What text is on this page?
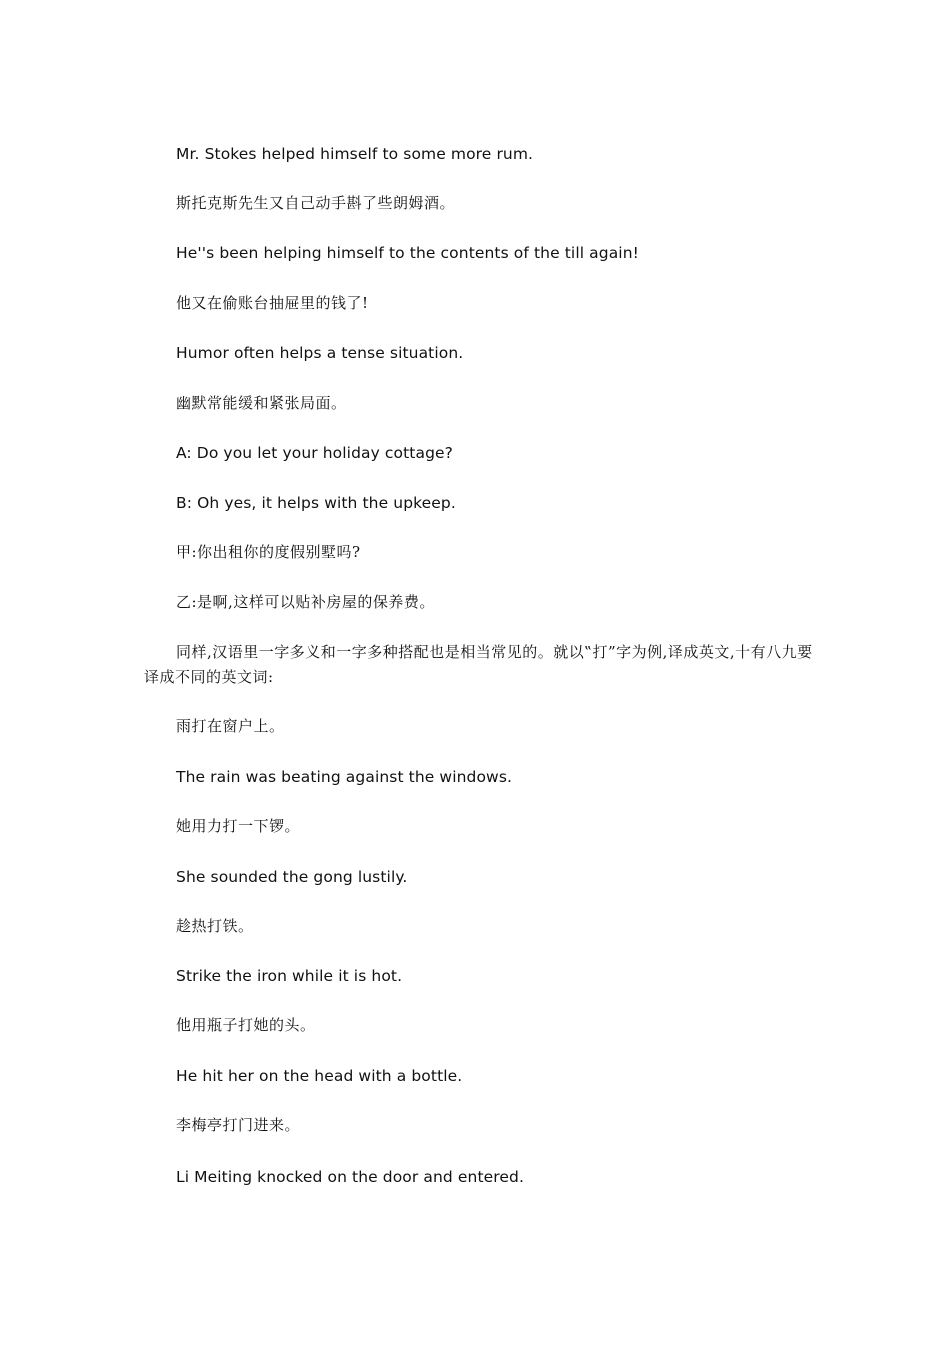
Mr. Stokes helped himself to some more rum.

斯托克斯先生又自己动手斟了些朗姆酒。

He''s been helping himself to the contents of the till again!

他又在偷账台抽屉里的钱了!

Humor often helps a tense situation.

幽默常能缓和紧张局面。

A: Do you let your holiday cottage?

B: Oh yes, it helps with the upkeep.

甲:你出租你的度假别墅吗?

乙:是啊,这样可以贴补房屋的保养费。

同样,汉语里一字多义和一字多种搭配也是相当常见的。就以‟打”字为例,译成英文,十有八九要译成不同的英文词:

雨打在窗户上。

The rain was beating against the windows.

她用力打一下锣。

She sounded the gong lustily.

趁热打铁。

Strike the iron while it is hot.

他用瓶子打她的头。

He hit her on the head with a bottle.

李梅亭打门进来。

Li Meiting knocked on the door and entered.
